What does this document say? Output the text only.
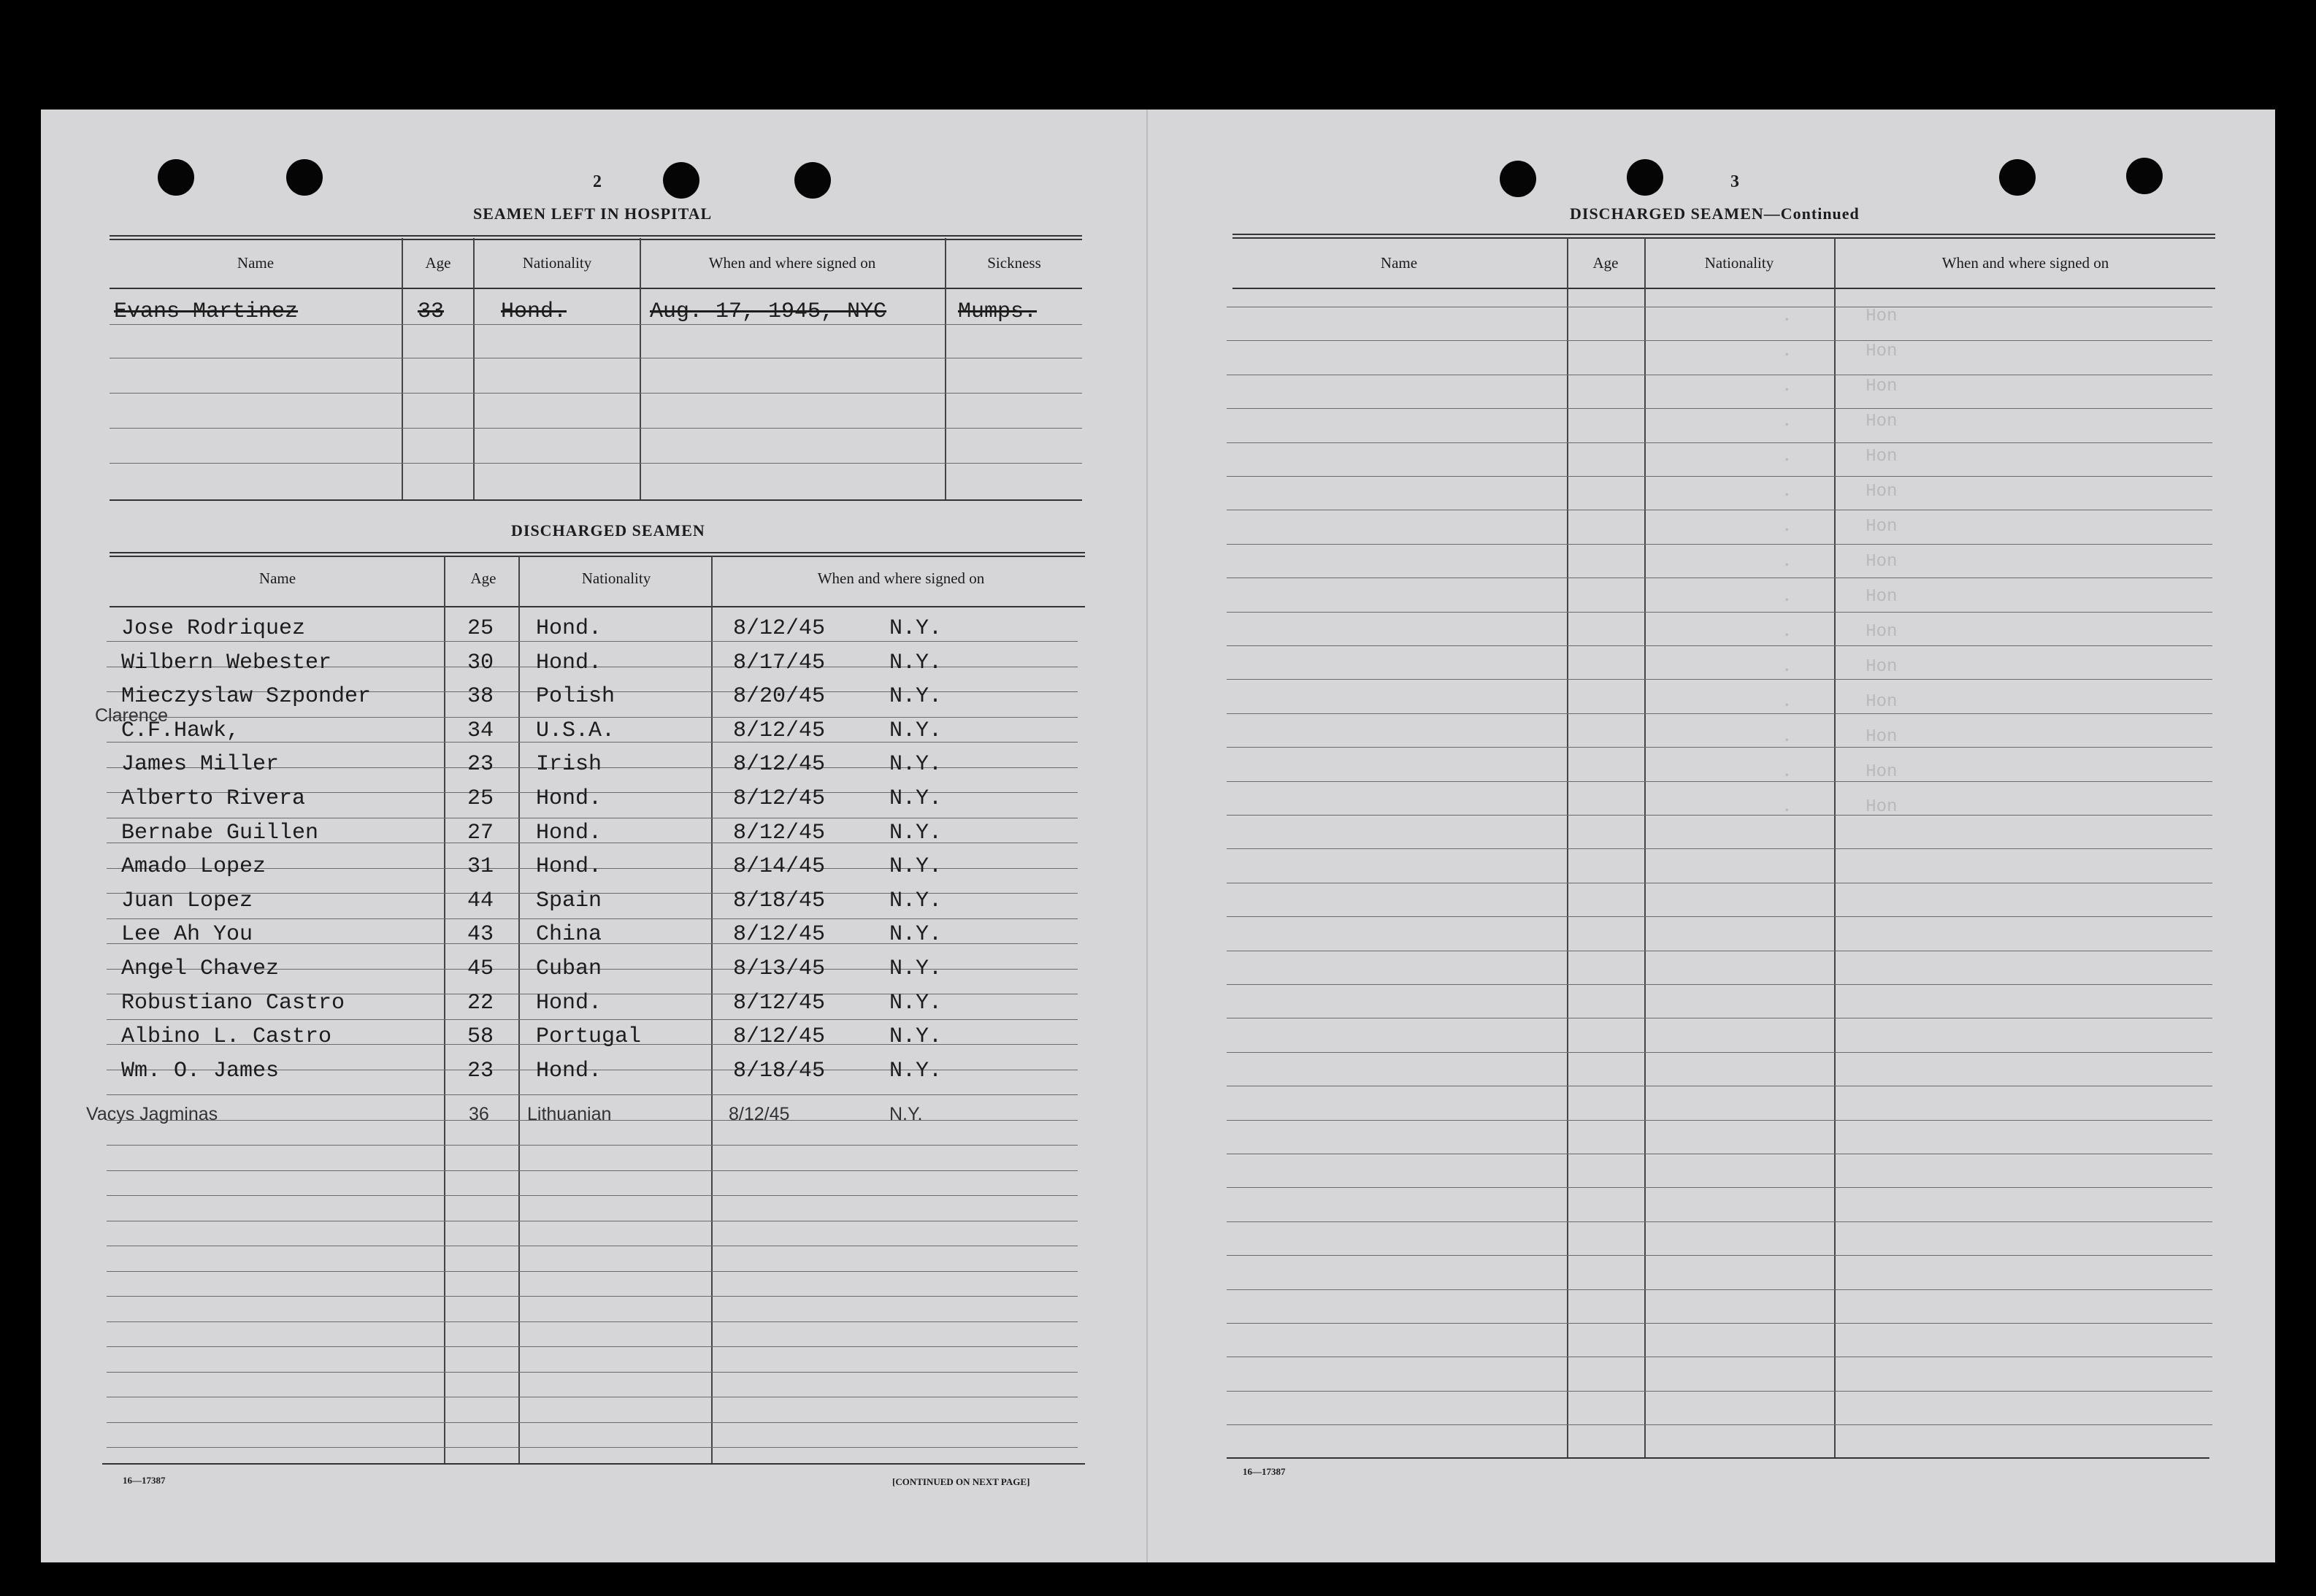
.       Hon
.       Hon
.       Hon
.       Hon
.       Hon
.       Hon
.       Hon
.       Hon
.       Hon
.       Hon
.       Hon
.       Hon
.       Hon
.       Hon
.       Hon
2
SEAMEN LEFT IN HOSPITAL
Name	Age	Nationality	When and where signed on	Sickness
Evans Martinez	33	Hond.	Aug. 17, 1945, NYC	Mumps.
DISCHARGED SEAMEN
Name	Age	Nationality	When and where signed on
Jose Rodriquez	25 Hond.	8/12/45	N.Y.
Wilbern Webester	30 Hond.	8/17/45	N.Y.
Mieczyslaw Szponder	38 Polish	8/20/45	N.Y.
C.F.Hawk,	34 U.S.A.	8/12/45	N.Y.
James Miller	23 Irish	8/12/45	N.Y.
Alberto Rivera	25 Hond.	8/12/45	N.Y.
Bernabe Guillen	27 Hond.	8/12/45	N.Y.
Amado Lopez	31 Hond.	8/14/45	N.Y.
Juan Lopez	44 Spain	8/18/45	N.Y.
Lee Ah You	43 China	8/12/45	N.Y.
Angel Chavez	45 Cuban	8/13/45	N.Y.
Robustiano Castro	22 Hond.	8/12/45	N.Y.
Albino L. Castro	58 Portugal	8/12/45	N.Y.
Wm. O. James	23 Hond.	8/18/45	N.Y.
Clarence
Vacys Jagminas	36 Lithuanian	8/12/45	N.Y.
16—17387	[CONTINUED ON NEXT PAGE]
3
DISCHARGED SEAMEN—Continued
Name	Age	Nationality	When and where signed on
16—17387
